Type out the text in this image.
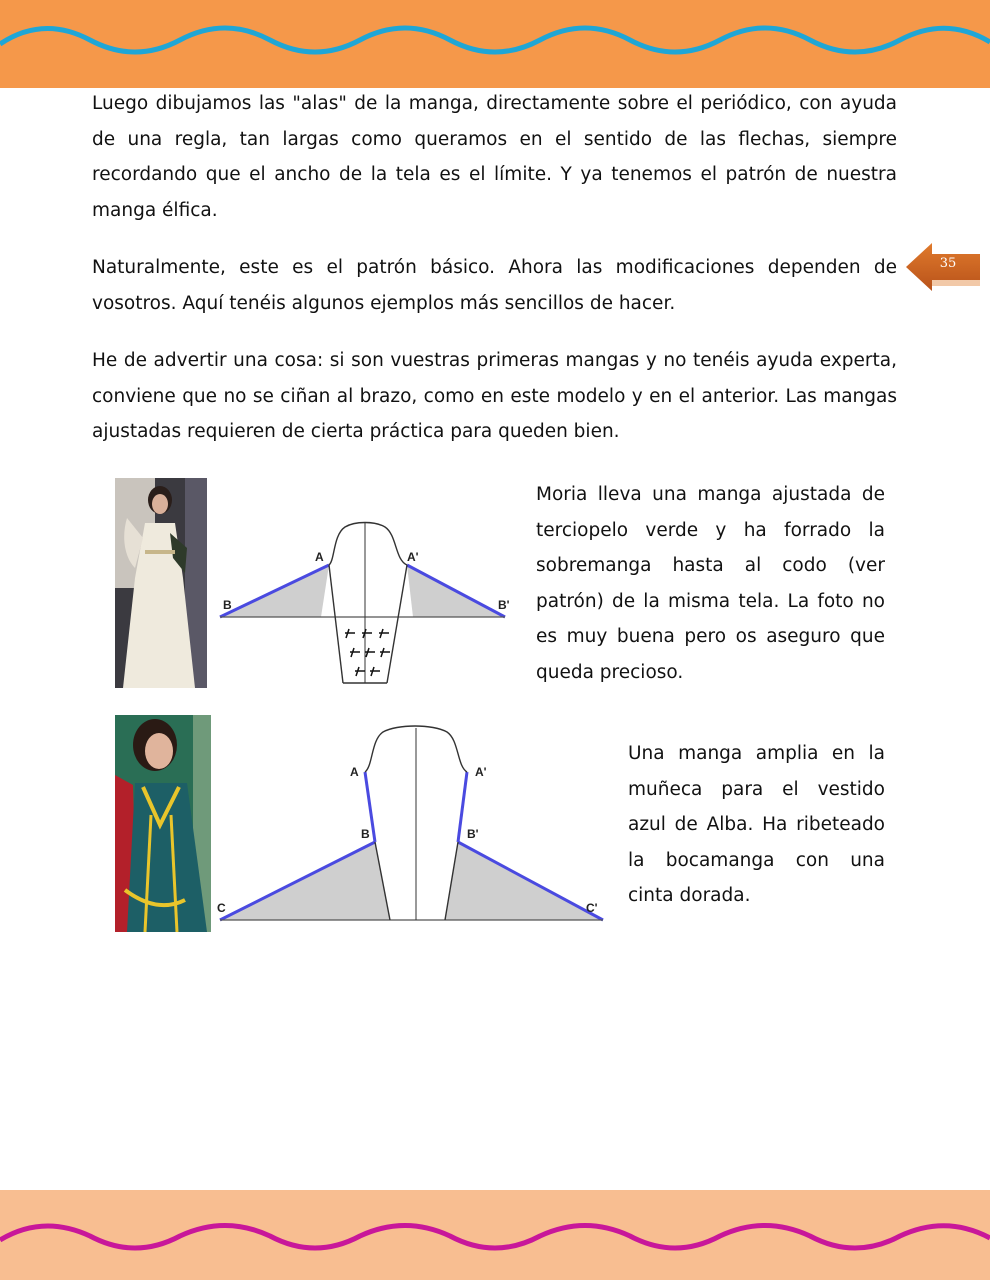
Luego dibujamos las "alas" de la manga, directamente sobre el periódico, con ayuda de una regla, tan largas como queramos en el sentido de las flechas, siempre recordando que el ancho de la tela es el límite. Y ya tenemos el patrón de nuestra manga élfica.

Naturalmente, este es el patrón básico. Ahora las modificaciones dependen de vosotros. Aquí tenéis algunos ejemplos más sencillos de hacer.

He de advertir una cosa: si son vuestras primeras mangas y no tenéis ayuda experta, conviene que no se ciñan al brazo, como en este modelo y en el anterior. Las mangas ajustadas requieren de cierta práctica para queden bien.

35
A	A'
B	B'

Moria lleva una manga ajustada de terciopelo verde y ha forrado la sobremanga hasta al codo (ver patrón) de la misma tela. La foto no es muy buena pero os aseguro que queda precioso.

A	A'
B	B'
C	C'

Una manga amplia en la muñeca para el vestido azul de Alba. Ha ribeteado la bocamanga con una cinta dorada.
